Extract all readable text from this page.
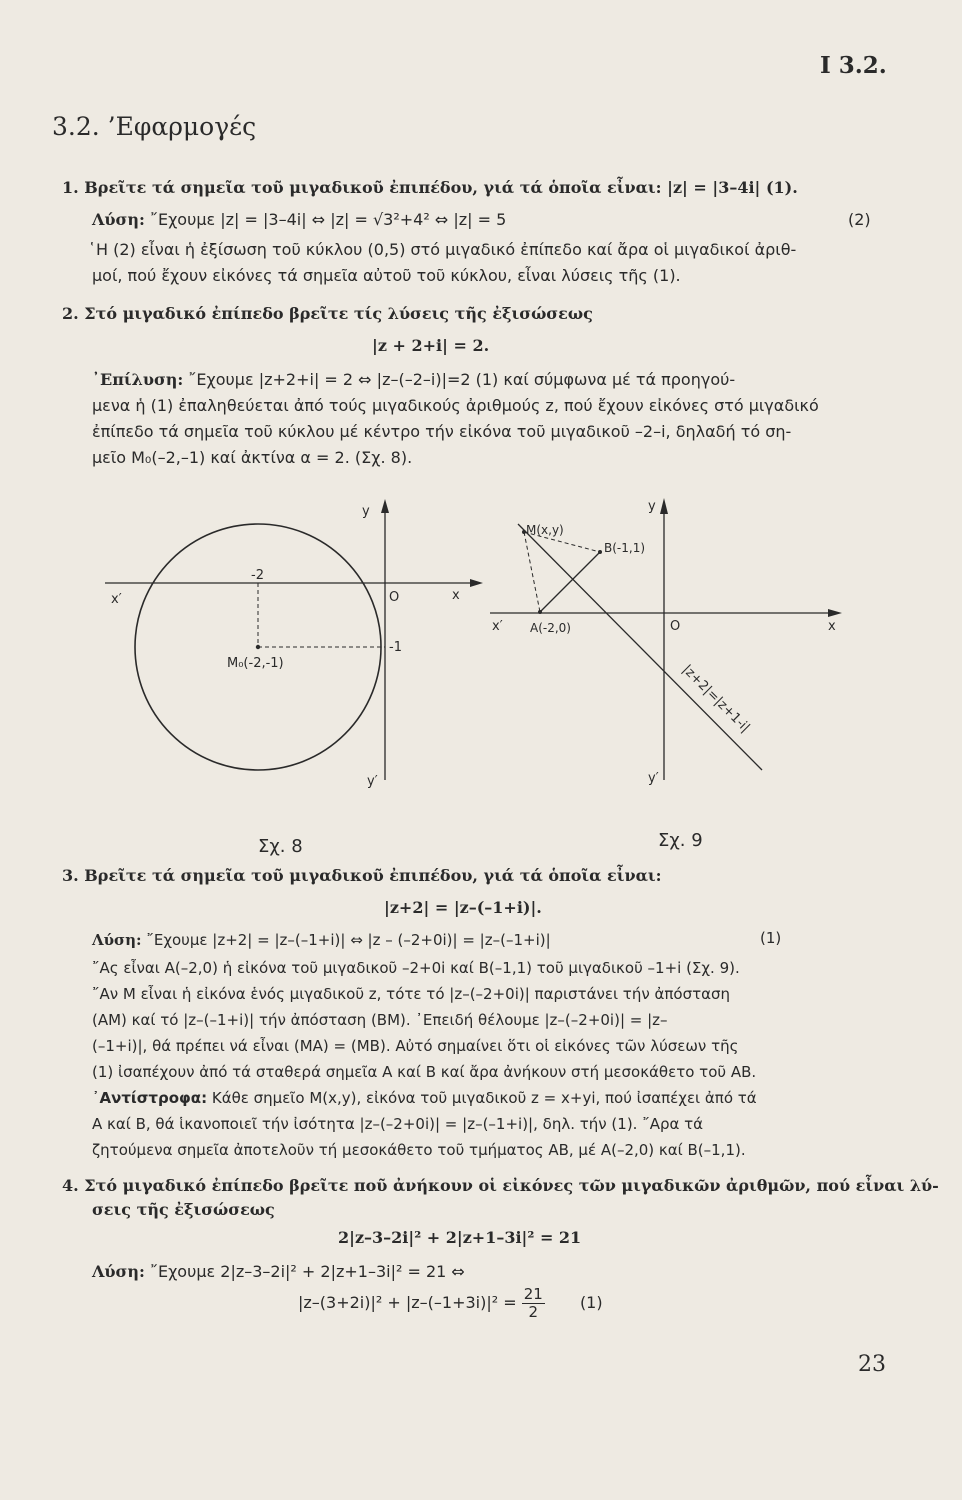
I 3.2.
3.2. ’Εφαρμογές
1. Βρεῖτε τά σημεῖα τοῦ μιγαδικοῦ ἐπιπέδου, γιά τά ὁποῖα εἶναι: |z| = |3–4i| (1).
Λύση: ῎Εχουμε |z| = |3–4i| ⇔ |z| = √3²+4² ⇔ |z| = 5	(2)
῾Η (2) εἶναι ἡ ἐξίσωση τοῦ κύκλου (0,5) στό μιγαδικό ἐπίπεδο καί ἄρα οἱ μιγαδικοί ἀριθ-
μοί, πού ἔχουν εἰκόνες τά σημεῖα αὐτοῦ τοῦ κύκλου, εἶναι λύσεις τῆς (1).
2. Στό μιγαδικό ἐπίπεδο βρεῖτε τίς λύσεις τῆς ἐξισώσεως
|z + 2+i| = 2.
᾿Επίλυση: ῎Εχουμε |z+2+i| = 2 ⇔ |z–(–2–i)|=2 (1) καί σύμφωνα μέ τά προηγού-
μενα ἡ (1) ἐπαληθεύεται ἀπό τούς μιγαδικούς ἀριθμούς z, πού ἔχουν εἰκόνες στό μιγαδικό
ἐπίπεδο τά σημεῖα τοῦ κύκλου μέ κέντρο τήν εἰκόνα τοῦ μιγαδικοῦ –2–i, δηλαδή τό ση-
μεῖο M₀(–2,–1) καί ἀκτίνα α = 2. (Σχ. 8).
y
x
x′
y′
O
-2
-1
M₀(-2,-1)
y
x
x′
y′
O
M(x,y)
B(-1,1)
A(-2,0)
|z+2|=|z+1-i|
Σχ. 8	Σχ. 9
3. Βρεῖτε τά σημεῖα τοῦ μιγαδικοῦ ἐπιπέδου, γιά τά ὁποῖα εἶναι:
|z+2| = |z–(–1+i)|.
Λύση: ῎Εχουμε |z+2| = |z–(–1+i)| ⇔ |z – (–2+0i)| = |z–(–1+i)|	(1)
῎Ας εἶναι A(–2,0) ἡ εἰκόνα τοῦ μιγαδικοῦ –2+0i καί B(–1,1) τοῦ μιγαδικοῦ –1+i (Σχ. 9).
῎Αν M εἶναι ἡ εἰκόνα ἑνός μιγαδικοῦ z, τότε τό |z–(–2+0i)| παριστάνει τήν ἀπόσταση
(AM) καί τό |z–(–1+i)| τήν ἀπόσταση (BM). ᾿Επειδή θέλουμε |z–(–2+0i)| = |z–
(–1+i)|, θά πρέπει νά εἶναι (MA) = (MB). Αὐτό σημαίνει ὅτι οἱ εἰκόνες τῶν λύσεων τῆς
(1) ἰσαπέχουν ἀπό τά σταθερά σημεῖα A καί B καί ἄρα ἀνήκουν στή μεσοκάθετο τοῦ AB.
᾿Αντίστροφα: Κάθε σημεῖο M(x,y), εἰκόνα τοῦ μιγαδικοῦ z = x+yi, πού ἰσαπέχει ἀπό τά
A καί B, θά ἱκανοποιεῖ τήν ἰσότητα |z–(–2+0i)| = |z–(–1+i)|, δηλ. τήν (1). ῎Αρα τά
ζητούμενα σημεῖα ἀποτελοῦν τή μεσοκάθετο τοῦ τμήματος AB, μέ A(–2,0) καί B(–1,1).
4. Στό μιγαδικό ἐπίπεδο βρεῖτε ποῦ ἀνήκουν οἱ εἰκόνες τῶν μιγαδικῶν ἀριθμῶν, πού εἶναι λύ-
σεις τῆς ἐξισώσεως
2|z–3–2i|² + 2|z+1–3i|² = 21
Λύση: ῎Εχουμε 2|z–3–2i|² + 2|z+1–3i|² = 21 ⇔
$|z-(3+2i)|^2 + |z-(-1+3i)|^2 = \frac{21}{2} (1)$
23
